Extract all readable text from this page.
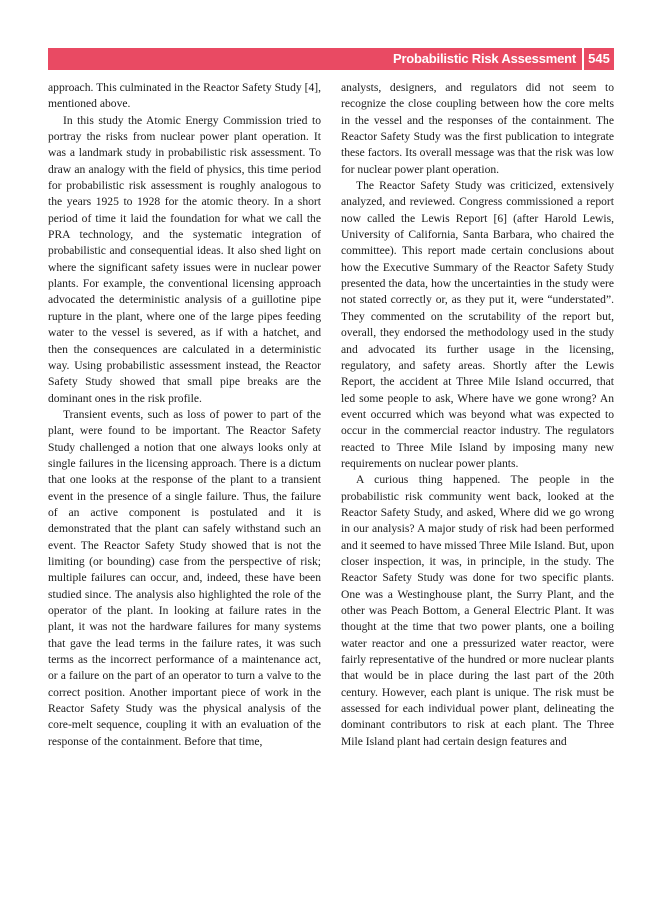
Probabilistic Risk Assessment 545

approach. This culminated in the Reactor Safety Study [4], mentioned above.

In this study the Atomic Energy Commission tried to portray the risks from nuclear power plant operation. It was a landmark study in probabilistic risk assessment. To draw an analogy with the field of physics, this time period for probabilistic risk assessment is roughly analogous to the years 1925 to 1928 for the atomic theory. In a short period of time it laid the foundation for what we call the PRA technology, and the systematic integration of probabilistic and consequential ideas. It also shed light on where the significant safety issues were in nuclear power plants. For example, the conventional licensing approach advocated the deterministic analysis of a guillotine pipe rupture in the plant, where one of the large pipes feeding water to the vessel is severed, as if with a hatchet, and then the consequences are calculated in a deterministic way. Using probabilistic assessment instead, the Reactor Safety Study showed that small pipe breaks are the dominant ones in the risk profile.

Transient events, such as loss of power to part of the plant, were found to be important. The Reactor Safety Study challenged a notion that one always looks only at single failures in the licensing approach. There is a dictum that one looks at the response of the plant to a transient event in the presence of a single failure. Thus, the failure of an active component is postulated and it is demonstrated that the plant can safely withstand such an event. The Reactor Safety Study showed that is not the limiting (or bounding) case from the perspective of risk; multiple failures can occur, and, indeed, these have been studied since. The analysis also highlighted the role of the operator of the plant. In looking at failure rates in the plant, it was not the hardware failures for many systems that gave the lead terms in the failure rates, it was such terms as the incorrect performance of a maintenance act, or a failure on the part of an operator to turn a valve to the correct position. Another important piece of work in the Reactor Safety Study was the physical analysis of the core-melt sequence, coupling it with an evaluation of the response of the containment. Before that time,

analysts, designers, and regulators did not seem to recognize the close coupling between how the core melts in the vessel and the responses of the containment. The Reactor Safety Study was the first publication to integrate these factors. Its overall message was that the risk was low for nuclear power plant operation.

The Reactor Safety Study was criticized, extensively analyzed, and reviewed. Congress commissioned a report now called the Lewis Report [6] (after Harold Lewis, University of California, Santa Barbara, who chaired the committee). This report made certain conclusions about how the Executive Summary of the Reactor Safety Study presented the data, how the uncertainties in the study were not stated correctly or, as they put it, were “understated”. They commented on the scrutability of the report but, overall, they endorsed the methodology used in the study and advocated its further usage in the licensing, regulatory, and safety areas. Shortly after the Lewis Report, the accident at Three Mile Island occurred, that led some people to ask, Where have we gone wrong? An event occurred which was beyond what was expected to occur in the commercial reactor industry. The regulators reacted to Three Mile Island by imposing many new requirements on nuclear power plants.

A curious thing happened. The people in the probabilistic risk community went back, looked at the Reactor Safety Study, and asked, Where did we go wrong in our analysis? A major study of risk had been performed and it seemed to have missed Three Mile Island. But, upon closer inspection, it was, in principle, in the study. The Reactor Safety Study was done for two specific plants. One was a Westinghouse plant, the Surry Plant, and the other was Peach Bottom, a General Electric Plant. It was thought at the time that two power plants, one a boiling water reactor and one a pressurized water reactor, were fairly representative of the hundred or more nuclear plants that would be in place during the last part of the 20th century. However, each plant is unique. The risk must be assessed for each individual power plant, delineating the dominant contributors to risk at each plant. The Three Mile Island plant had certain design features and
